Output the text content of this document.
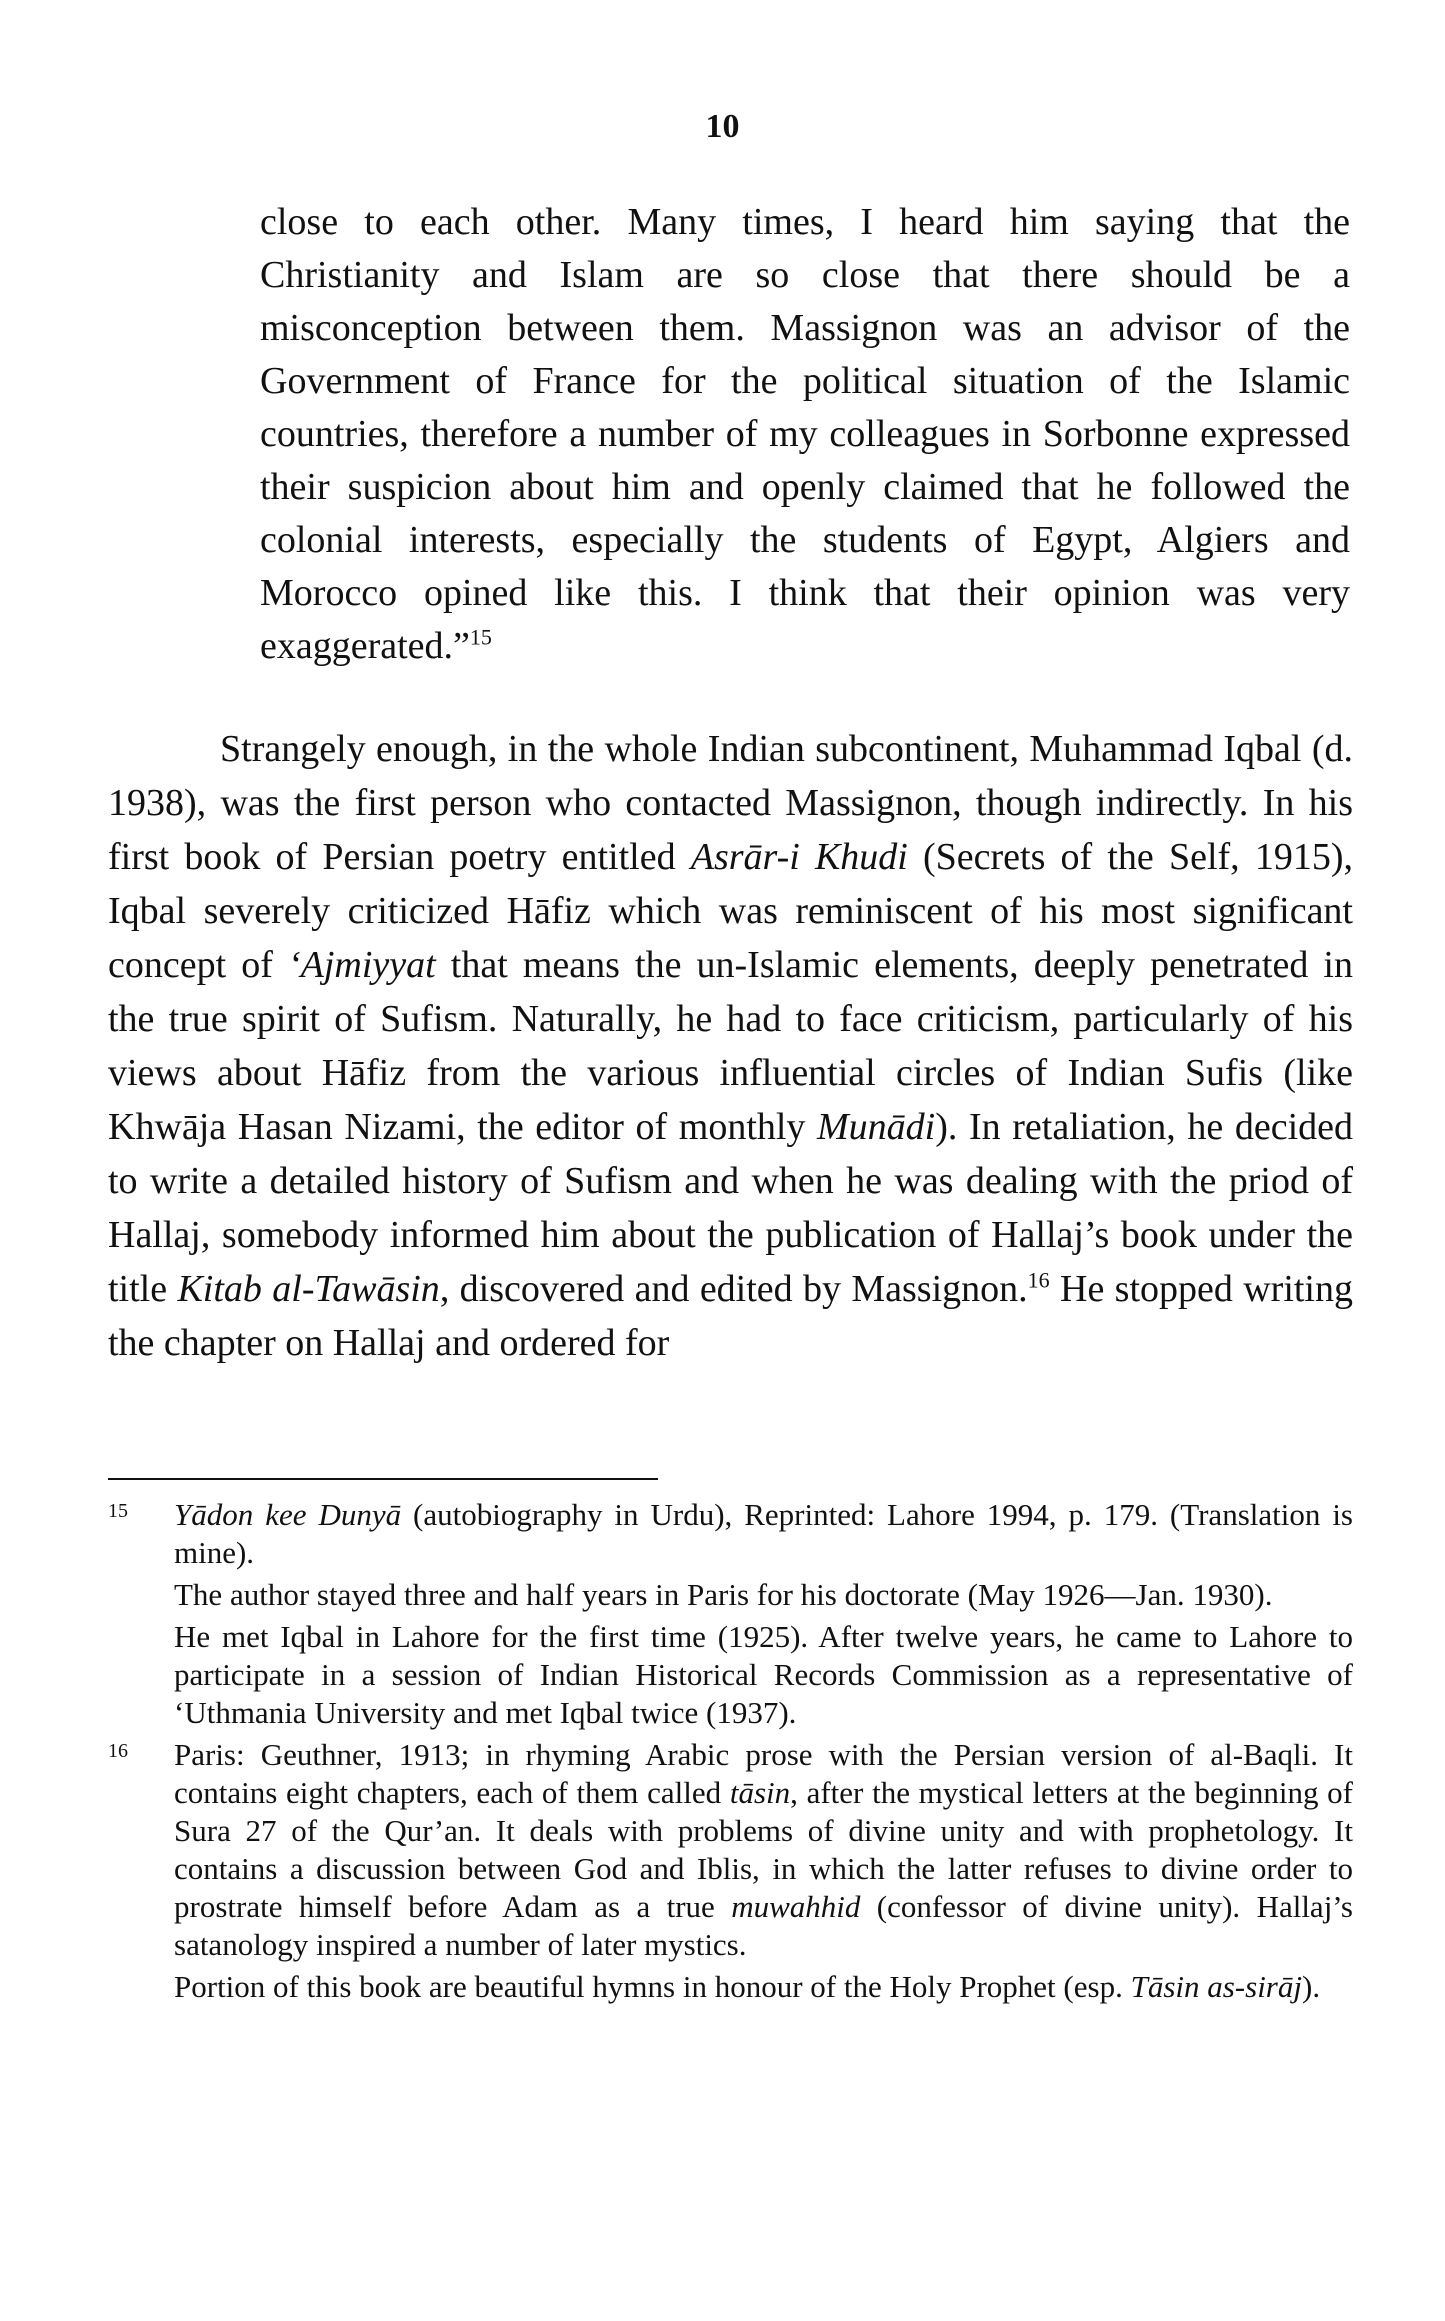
10
close to each other. Many times, I heard him saying that the Christianity and Islam are so close that there should be a misconception between them. Massignon was an advisor of the Government of France for the political situation of the Islamic countries, therefore a number of my colleagues in Sorbonne expressed their suspicion about him and openly claimed that he followed the colonial interests, especially the students of Egypt, Algiers and Morocco opined like this. I think that their opinion was very exaggerated.”$^{15}$
Strangely enough, in the whole Indian subcontinent, Muhammad Iqbal (d. 1938), was the first person who contacted Massignon, though indirectly. In his first book of Persian poetry entitled Asrār-i Khudi (Secrets of the Self, 1915), Iqbal severely criticized Hāfiz which was reminiscent of his most significant concept of ‘Ajmiyyat that means the un-Islamic elements, deeply penetrated in the true spirit of Sufism. Naturally, he had to face criticism, particularly of his views about Hāfiz from the various influential circles of Indian Sufis (like Khwāja Hasan Nizami, the editor of monthly Munādi). In retaliation, he decided to write a detailed history of Sufism and when he was dealing with the priod of Hallaj, somebody informed him about the publication of Hallaj’s book under the title Kitab al-Tawāsin, discovered and edited by Massignon.$^{16}$ He stopped writing the chapter on Hallaj and ordered for
15 Yādon kee Dunyā (autobiography in Urdu), Reprinted: Lahore 1994, p. 179. (Translation is mine).
The author stayed three and half years in Paris for his doctorate (May 1926—Jan. 1930).
He met Iqbal in Lahore for the first time (1925). After twelve years, he came to Lahore to participate in a session of Indian Historical Records Commission as a representative of ‘Uthmania University and met Iqbal twice (1937).
16 Paris: Geuthner, 1913; in rhyming Arabic prose with the Persian version of al-Baqli. It contains eight chapters, each of them called tāsin, after the mystical letters at the beginning of Sura 27 of the Qur’an. It deals with problems of divine unity and with prophetology. It contains a discussion between God and Iblis, in which the latter refuses to divine order to prostrate himself before Adam as a true muwahhid (confessor of divine unity). Hallaj’s satanology inspired a number of later mystics.
Portion of this book are beautiful hymns in honour of the Holy Prophet (esp. Tāsin as-sirāj).
